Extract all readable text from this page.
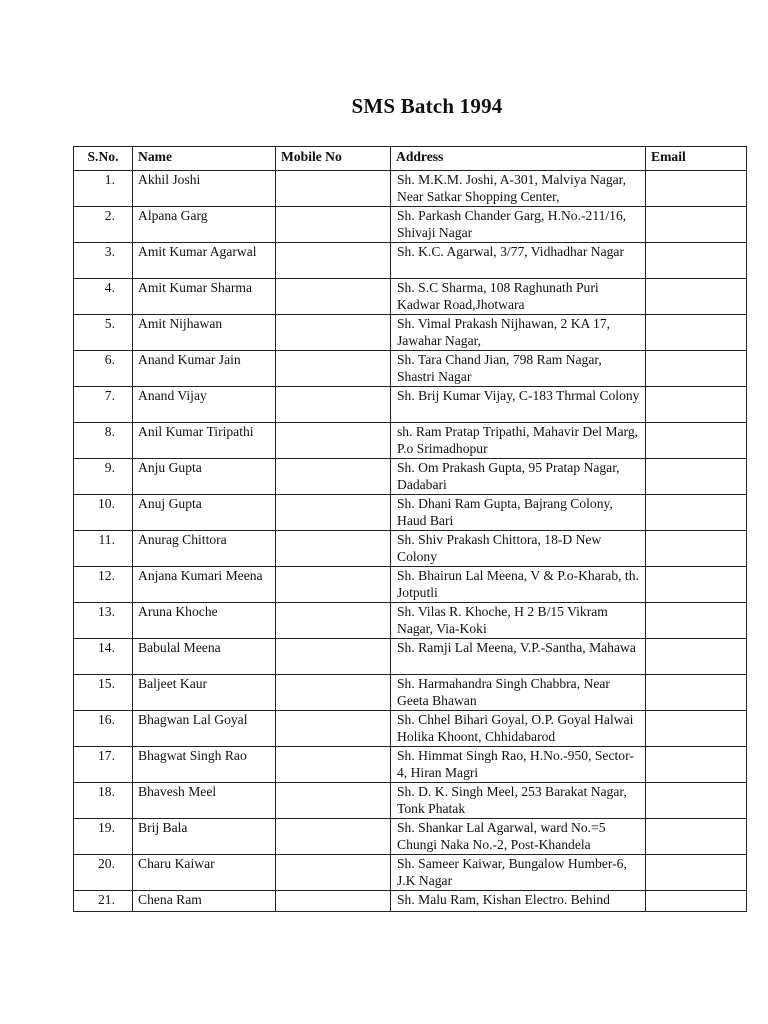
SMS Batch 1994
S.No.	Name	Mobile No	Address	Email
1.	Akhil Joshi		Sh. M.K.M. Joshi, A-301, Malviya Nagar, Near Satkar Shopping Center,	
2.	Alpana Garg		Sh. Parkash Chander Garg, H.No.-211/16, Shivaji Nagar	
3.	Amit Kumar Agarwal		Sh. K.C. Agarwal, 3/77, Vidhadhar Nagar	
4.	Amit Kumar Sharma		Sh. S.C Sharma, 108 Raghunath Puri Kadwar Road,Jhotwara	
5.	Amit Nijhawan		Sh. Vimal Prakash Nijhawan, 2 KA 17, Jawahar Nagar,	
6.	Anand Kumar Jain		Sh. Tara Chand Jian, 798 Ram Nagar, Shastri Nagar	
7.	Anand Vijay		Sh. Brij Kumar Vijay, C-183 Thrmal Colony	
8.	Anil Kumar Tiripathi		sh. Ram Pratap Tripathi, Mahavir Del Marg, P.o Srimadhopur	
9.	Anju Gupta		Sh. Om Prakash Gupta, 95 Pratap Nagar, Dadabari	
10.	Anuj Gupta		Sh. Dhani Ram Gupta, Bajrang Colony, Haud Bari	
11.	Anurag Chittora		Sh. Shiv Prakash Chittora, 18-D New Colony	
12.	Anjana Kumari Meena		Sh. Bhairun Lal Meena, V & P.o-Kharab, th. Jotputli	
13.	Aruna Khoche		Sh. Vilas R. Khoche, H 2 B/15 Vikram Nagar, Via-Koki	
14.	Babulal Meena		Sh. Ramji Lal Meena, V.P.-Santha, Mahawa	
15.	Baljeet Kaur		Sh. Harmahandra Singh Chabbra, Near Geeta Bhawan	
16.	Bhagwan Lal Goyal		Sh. Chhel Bihari Goyal, O.P. Goyal Halwai Holika Khoont, Chhidabarod	
17.	Bhagwat Singh Rao		Sh. Himmat Singh Rao, H.No.-950, Sector-4, Hiran Magri	
18.	Bhavesh Meel		Sh. D. K. Singh Meel, 253 Barakat Nagar, Tonk Phatak	
19.	Brij Bala		Sh. Shankar Lal Agarwal, ward No.=5 Chungi Naka No.-2, Post-Khandela	
20.	Charu Kaiwar		Sh. Sameer Kaiwar, Bungalow Humber-6, J.K Nagar	
21.	Chena Ram		Sh. Malu Ram, Kishan Electro. Behind	
